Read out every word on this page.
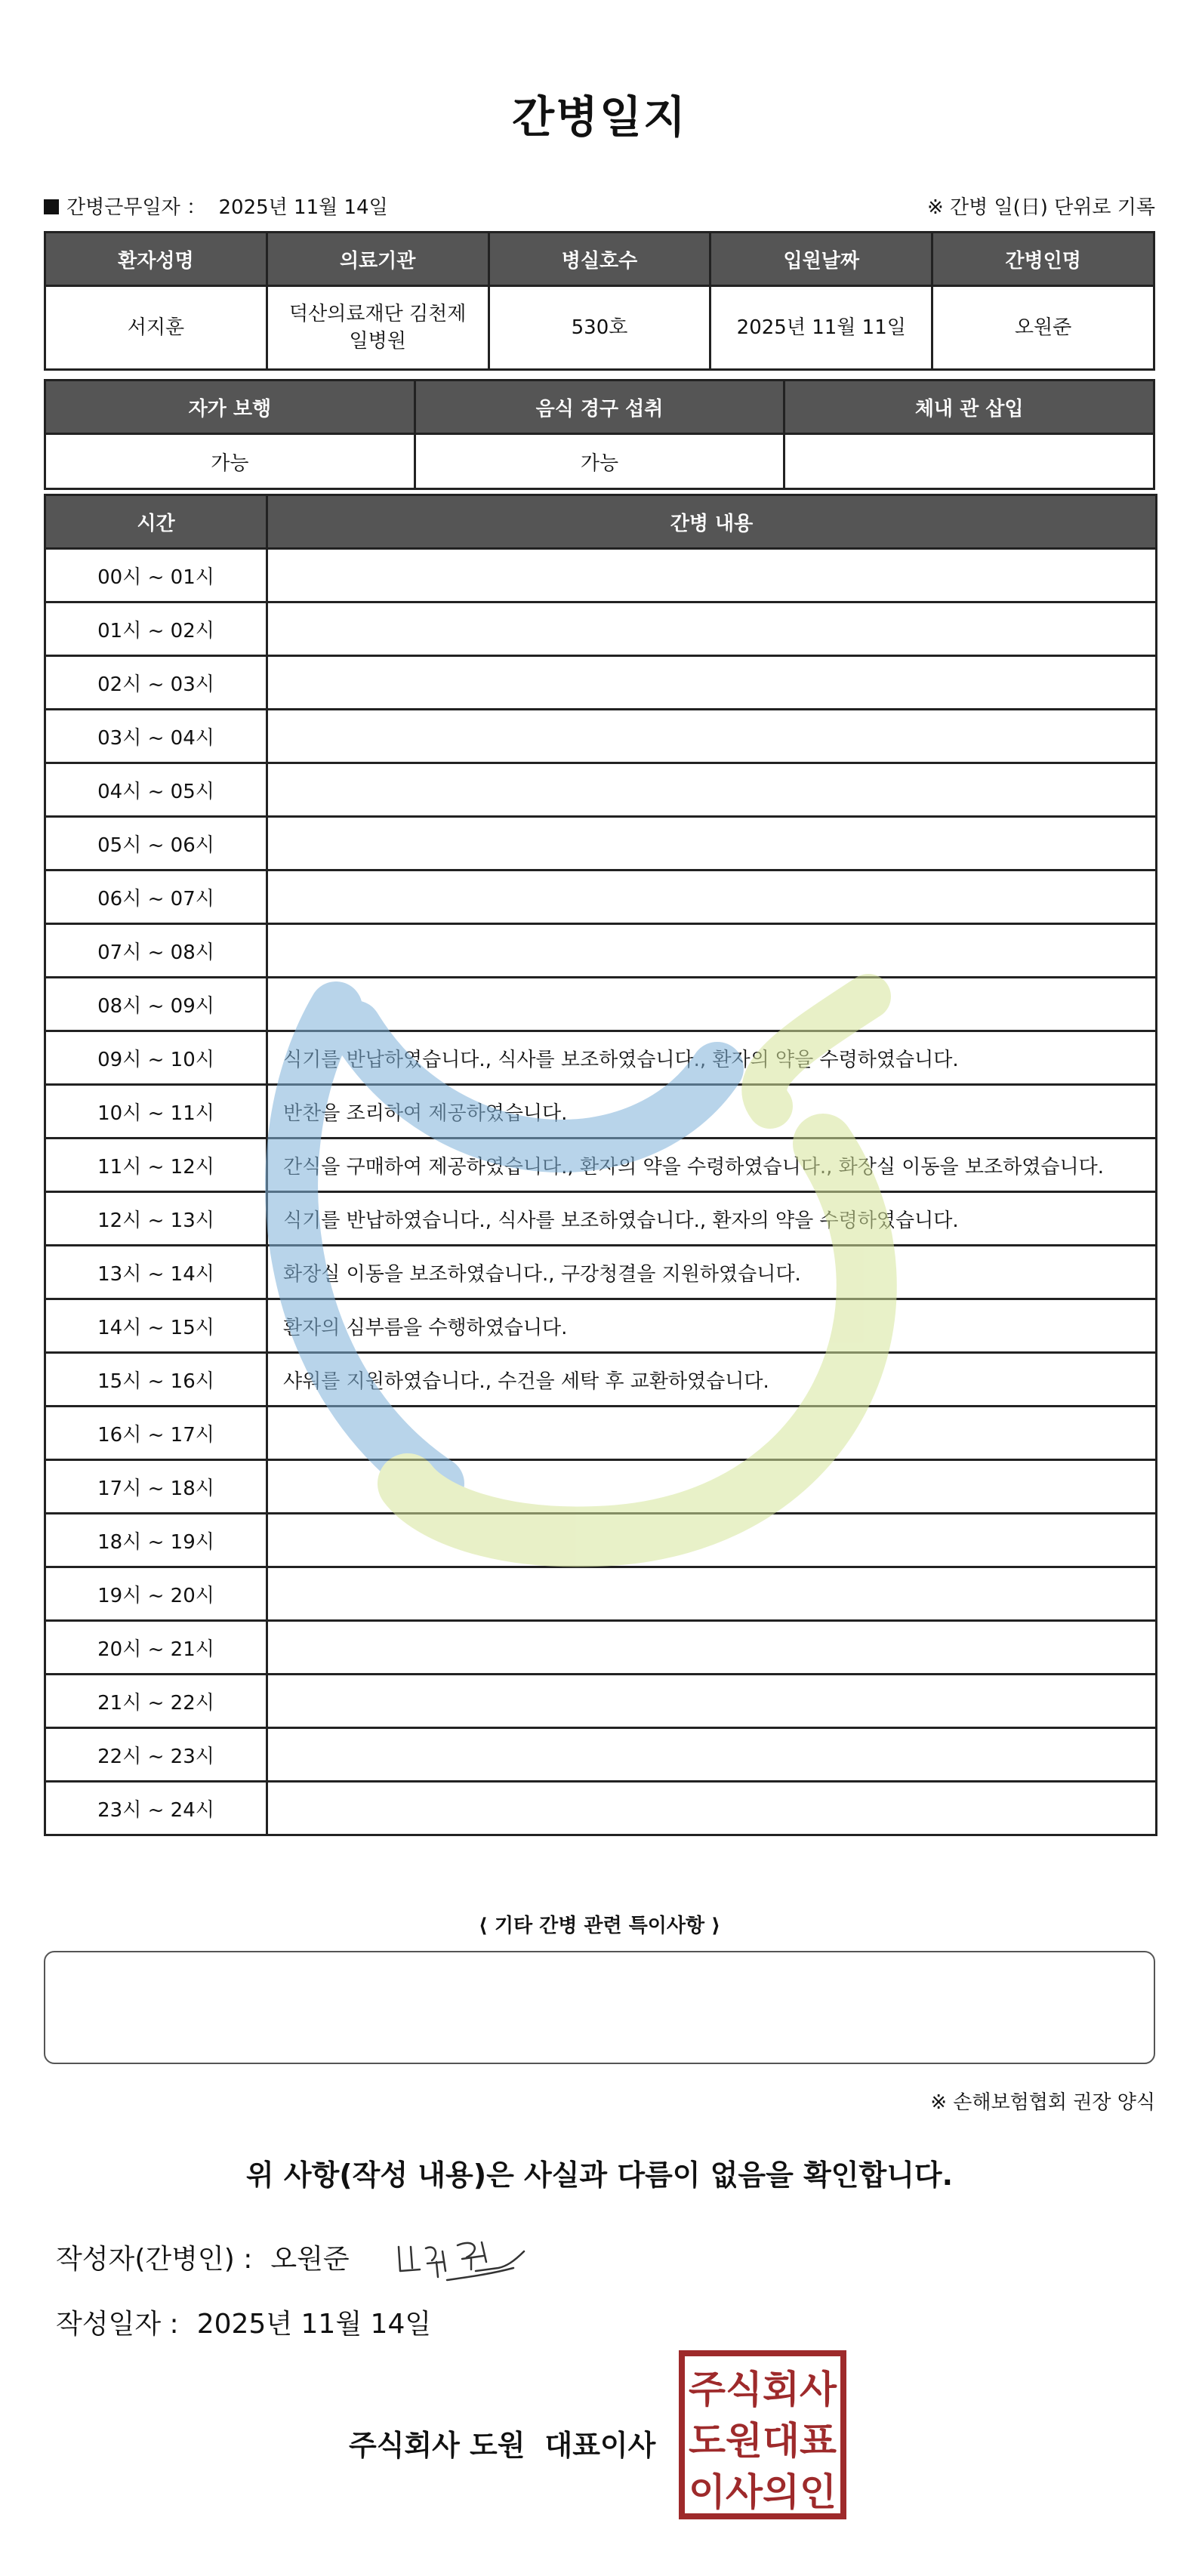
간병일지
간병근무일자 ： 2025년 11월 14일	※ 간병 일(日) 단위로 기록
환자성명	의료기관	병실호수	입원날짜	간병인명
서지훈	덕산의료재단 김천제일병원	530호	2025년 11월 11일	오원준
자가 보행	음식 경구 섭취	체내 관 삽입
가능	가능	
시간	간병 내용
00시 ~ 01시	
01시 ~ 02시	
02시 ~ 03시	
03시 ~ 04시	
04시 ~ 05시	
05시 ~ 06시	
06시 ~ 07시	
07시 ~ 08시	
08시 ~ 09시	
09시 ~ 10시	식기를 반납하였습니다., 식사를 보조하였습니다., 환자의 약을 수령하였습니다.
10시 ~ 11시	반찬을 조리하여 제공하였습니다.
11시 ~ 12시	간식을 구매하여 제공하였습니다., 환자의 약을 수령하였습니다., 화장실 이동을 보조하였습니다.
12시 ~ 13시	식기를 반납하였습니다., 식사를 보조하였습니다., 환자의 약을 수령하였습니다.
13시 ~ 14시	화장실 이동을 보조하였습니다., 구강청결을 지원하였습니다.
14시 ~ 15시	환자의 심부름을 수행하였습니다.
15시 ~ 16시	샤워를 지원하였습니다., 수건을 세탁 후 교환하였습니다.
16시 ~ 17시	
17시 ~ 18시	
18시 ~ 19시	
19시 ~ 20시	
20시 ~ 21시	
21시 ~ 22시	
22시 ~ 23시	
23시 ~ 24시	
⟨ 기타 간병 관련 특이사항 ⟩
※ 손해보험협회 권장 양식
위 사항(작성 내용)은 사실과 다름이 없음을 확인합니다.
작성자(간병인) : 오원준
작성일자 : 2025년 11월 14일
주식회사 도원 대표이사
주식회사
도원대표
이사의인
